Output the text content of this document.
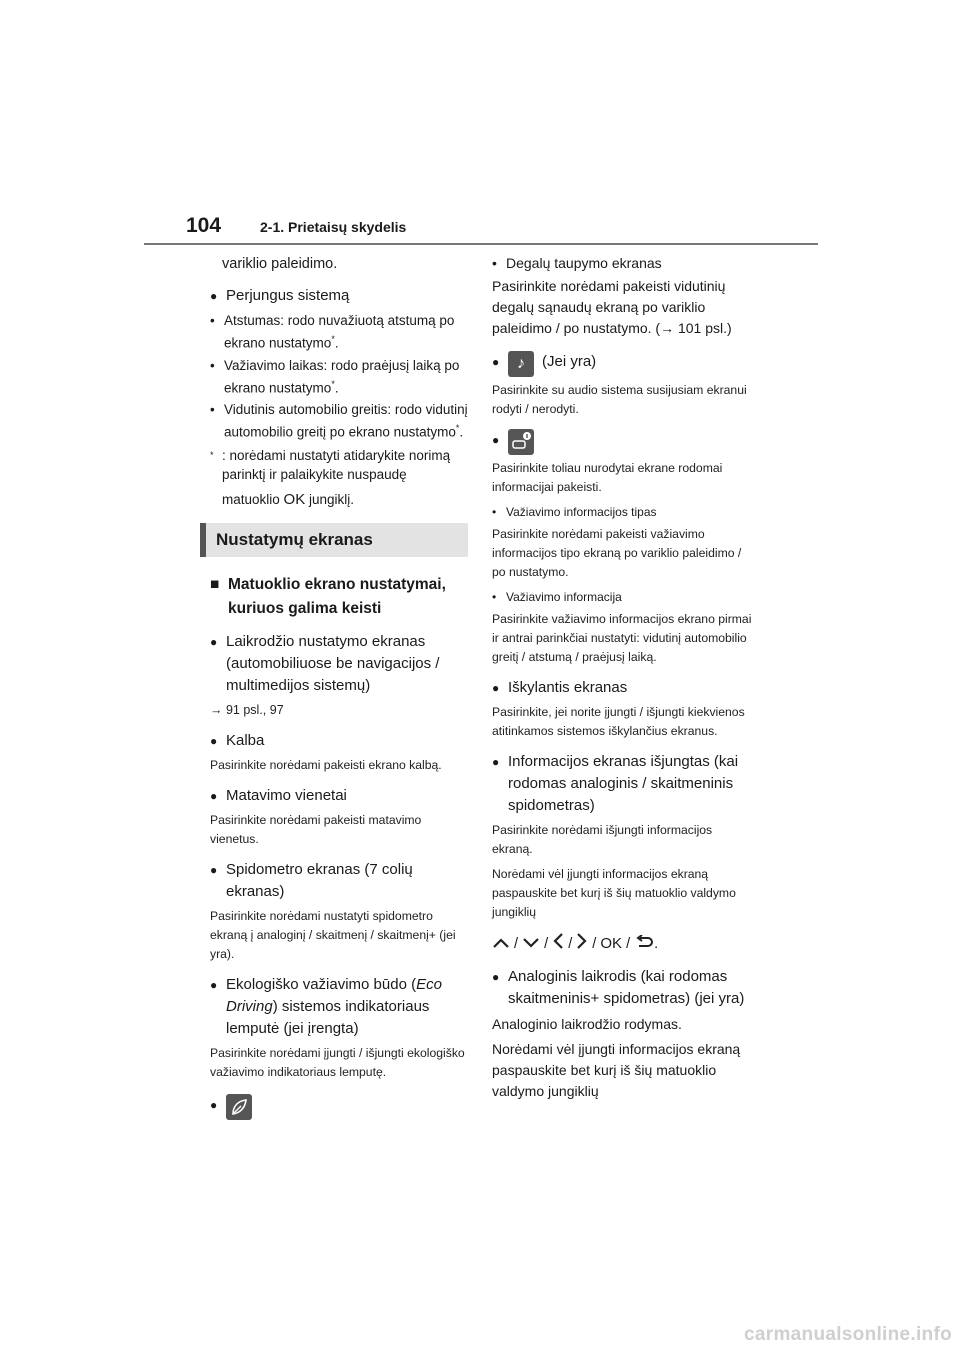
104	2-1. Prietaisų skydelis

variklio paleidimo.

● Perjungus sistemą
• Atstumas: rodo nuvažiuotą atstumą po ekrano nustatymo*.
• Važiavimo laikas: rodo praėjusį laiką po ekrano nustatymo*.
• Vidutinis automobilio greitis: rodo vidutinį automobilio greitį po ekrano nustatymo*.
* : norėdami nustatyti atidarykite norimą parinktį ir palaikykite nuspaudę
matuoklio OK jungiklį.
Nustatymų ekranas
■ Matuoklio ekrano nustatymai, kuriuos galima keisti
● Laikrodžio nustatymo ekranas (automobiliuose be navigacijos / multimedijos sistemų)

→ 91 psl., 97

● Kalba

Pasirinkite norėdami pakeisti ekrano kalbą.

● Matavimo vienetai

Pasirinkite norėdami pakeisti matavimo vienetus.

● Spidometro ekranas (7 colių ekranas)

Pasirinkite norėdami nustatyti spidometro ekraną į analoginį / skaitmenį / skaitmenį+ (jei yra).

● Ekologiško važiavimo būdo (Eco Driving) sistemos indikatoriaus lemputė (jei įrengta)

Pasirinkite norėdami įjungti / išjungti ekologiško važiavimo indikatoriaus lemputę.

●
• Degalų taupymo ekranas

Pasirinkite norėdami pakeisti vidutinių degalų sąnaudų ekraną po variklio paleidimo / po nustatymo. (→ 101 psl.)

●	♪	(Jei yra)

Pasirinkite su audio sistema susijusiam ekranui rodyti / nerodyti.

●

Pasirinkite toliau nurodytai ekrane rodomai informacijai pakeisti.

• Važiavimo informacijos tipas

Pasirinkite norėdami pakeisti važiavimo informacijos tipo ekraną po variklio paleidimo / po nustatymo.

• Važiavimo informacija

Pasirinkite važiavimo informacijos ekrano pirmai ir antrai parinkčiai nustatyti: vidutinį automobilio greitį / atstumą / praėjusį laiką.

● Iškylantis ekranas

Pasirinkite, jei norite įjungti / išjungti kiekvienos atitinkamos sistemos iškylančius ekranus.

● Informacijos ekranas išjungtas (kai rodomas analoginis / skaitmeninis spidometras)

Pasirinkite norėdami išjungti informacijos ekraną.

Norėdami vėl įjungti informacijos ekraną paspauskite bet kurį iš šių matuoklio valdymo jungiklių

/  /  /  / OK / .
● Analoginis laikrodis (kai rodomas skaitmeninis+ spidometras) (jei yra)

Analoginio laikrodžio rodymas.

Norėdami vėl įjungti informacijos ekraną paspauskite bet kurį iš šių matuoklio valdymo jungiklių

carmanualsonline.info
